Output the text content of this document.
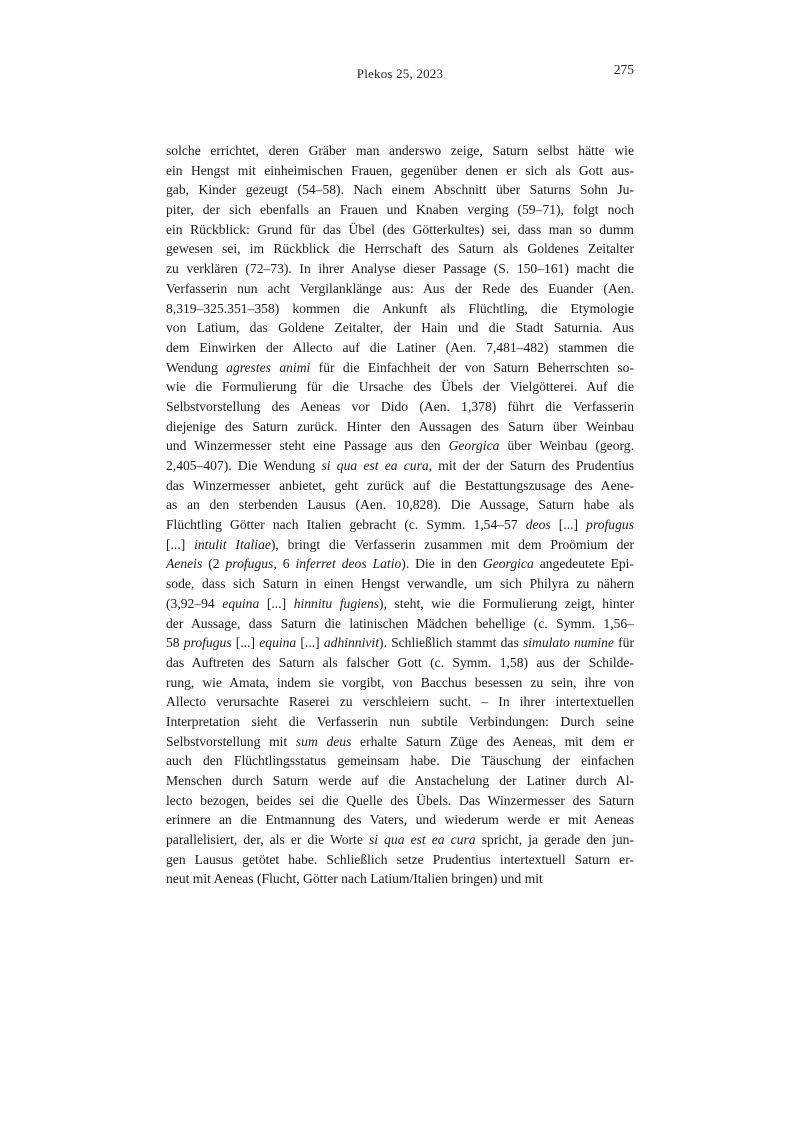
Plekos 25, 2023	275
solche errichtet, deren Gräber man anderswo zeige, Saturn selbst hätte wie
ein Hengst mit einheimischen Frauen, gegenüber denen er sich als Gott aus-
gab, Kinder gezeugt (54–58). Nach einem Abschnitt über Saturns Sohn Ju-
piter, der sich ebenfalls an Frauen und Knaben verging (59–71), folgt noch
ein Rückblick: Grund für das Übel (des Götterkultes) sei, dass man so dumm
gewesen sei, im Rückblick die Herrschaft des Saturn als Goldenes Zeitalter
zu verklären (72–73). In ihrer Analyse dieser Passage (S. 150–161) macht die
Verfasserin nun acht Vergilanklänge aus: Aus der Rede des Euander (Aen.
8,319–325.351–358) kommen die Ankunft als Flüchtling, die Etymologie
von Latium, das Goldene Zeitalter, der Hain und die Stadt Saturnia. Aus
dem Einwirken der Allecto auf die Latiner (Aen. 7,481–482) stammen die
Wendung agrestes animi für die Einfachheit der von Saturn Beherrschten so-
wie die Formulierung für die Ursache des Übels der Vielgötterei. Auf die
Selbstvorstellung des Aeneas vor Dido (Aen. 1,378) führt die Verfasserin
diejenige des Saturn zurück. Hinter den Aussagen des Saturn über Weinbau
und Winzermesser steht eine Passage aus den Georgica über Weinbau (georg.
2,405–407). Die Wendung si qua est ea cura, mit der der Saturn des Prudentius
das Winzermesser anbietet, geht zurück auf die Bestattungszusage des Aene-
as an den sterbenden Lausus (Aen. 10,828). Die Aussage, Saturn habe als
Flüchtling Götter nach Italien gebracht (c. Symm. 1,54–57 deos [...] profugus
[...] intulit Italiae), bringt die Verfasserin zusammen mit dem Proömium der
Aeneis (2 profugus, 6 inferret deos Latio). Die in den Georgica angedeutete Epi-
sode, dass sich Saturn in einen Hengst verwandle, um sich Philyra zu nähern
(3,92–94 equina [...] hinnitu fugiens), steht, wie die Formulierung zeigt, hinter
der Aussage, dass Saturn die latinischen Mädchen behellige (c. Symm. 1,56–
58 profugus [...] equina [...] adhinnivit). Schließlich stammt das simulato numine für
das Auftreten des Saturn als falscher Gott (c. Symm. 1,58) aus der Schilde-
rung, wie Amata, indem sie vorgibt, von Bacchus besessen zu sein, ihre von
Allecto verursachte Raserei zu verschleiern sucht. – In ihrer intertextuellen
Interpretation sieht die Verfasserin nun subtile Verbindungen: Durch seine
Selbstvorstellung mit sum deus erhalte Saturn Züge des Aeneas, mit dem er
auch den Flüchtlingsstatus gemeinsam habe. Die Täuschung der einfachen
Menschen durch Saturn werde auf die Anstachelung der Latiner durch Al-
lecto bezogen, beides sei die Quelle des Übels. Das Winzermesser des Saturn
erinnere an die Entmannung des Vaters, und wiederum werde er mit Aeneas
parallelisiert, der, als er die Worte si qua est ea cura spricht, ja gerade den jun-
gen Lausus getötet habe. Schließlich setze Prudentius intertextuell Saturn er-
neut mit Aeneas (Flucht, Götter nach Latium/Italien bringen) und mit
